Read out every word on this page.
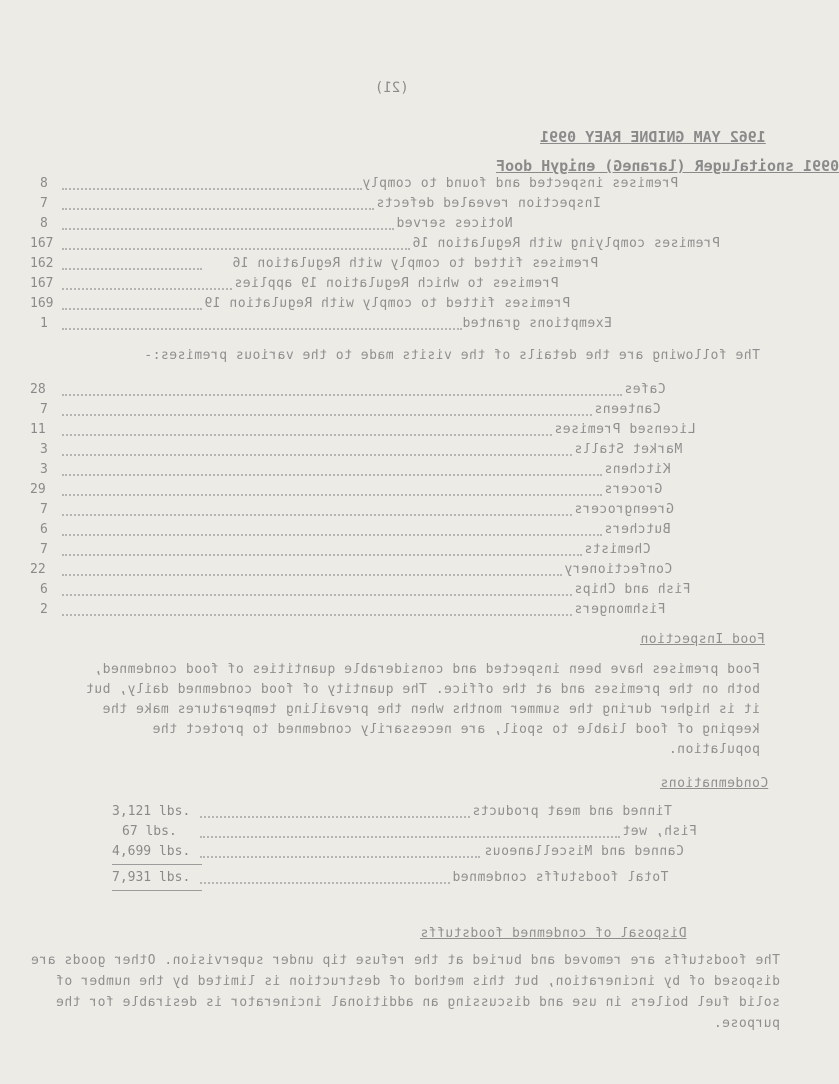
(21)
1962 YAM GNIDNE RAEY 0991
0991 snoitalugeR (laraneG) enigyH dooF
8	Premises inspected and found to comply
7	Inspection revealed defects
8	Notices served
167	Premises complying with Regulation 16
162	Premises fitted to comply with Regulation 16
167	Premises to which Regulation 19 applies
169	Premises fitted to comply with Regulation 19
1	Exemptions granted
The following are the details of the visits made to the various premises:-
28	Cafes
7	Canteens
11	Licensed Premises
3	Market Stalls
3	Kitchens
29	Grocers
7	Greengrocers
6	Butchers
7	Chemists
22	Confectionery
6	Fish and Chips
2	Fishmongers
Food Inspection
Food premises have been inspected and considerable quantities of food condemned, both on the premises and at the office. The quantity of food condemned daily, but it is higher during the summer months when the prevailing temperatures make the keeping of food liable to spoil, are necessarily condemned to protect the population.
Condemnations
3,121 lbs.	Tinned and meat products
67 lbs.	Fish, wet
4,699 lbs.	Canned and Miscellaneous
7,931 lbs.	Total foodstuffs condemned
Disposal of condemned foodstuffs
The foodstuffs are removed and buried at the refuse tip under supervision. Other goods are disposed of by incineration, but this method of destruction is limited by the number of solid fuel boilers in use and discussing an additional incinerator is desirable for the purpose.
